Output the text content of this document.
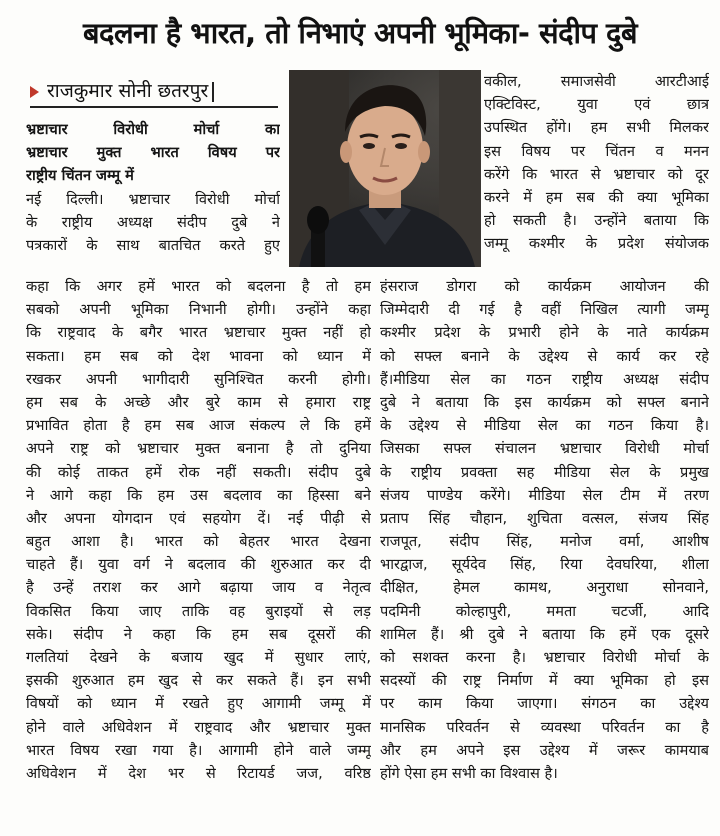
बदलना है भारत, तो निभाएं अपनी भूमिका- संदीप दुबे
राजकुमार सोनी छतरपुर
भ्रष्टाचार विरोधी मोर्चा का
भ्रष्टाचार मुक्त भारत विषय पर
राष्ट्रीय चिंतन जम्मू में
नई दिल्ली। भ्रष्टाचार विरोधी मोर्चा
के राष्ट्रीय अध्यक्ष संदीप दुबे ने
पत्रकारों के साथ बातचित करते हुए
कहा कि अगर हमें भारत को बदलना है तो हम
सबको अपनी भूमिका निभानी होगी। उन्होंने कहा
कि राष्ट्रवाद के बगैर भारत भ्रष्टाचार मुक्त नहीं हो
सकता। हम सब को देश भावना को ध्यान में
रखकर अपनी भागीदारी सुनिश्चित करनी होगी।
हम सब के अच्छे और बुरे काम से हमारा राष्ट्र
प्रभावित होता है हम सब आज संकल्प ले कि हमें
अपने राष्ट्र को भ्रष्टाचार मुक्त बनाना है तो दुनिया
की कोई ताकत हमें रोक नहीं सकती। संदीप दुबे
ने आगे कहा कि हम उस बदलाव का हिस्सा बने
और अपना योगदान एवं सहयोग दें। नई पीढ़ी से
बहुत आशा है। भारत को बेहतर भारत देखना
चाहते हैं। युवा वर्ग ने बदलाव की शुरुआत कर दी
है उन्हें तराश कर आगे बढ़ाया जाय व नेतृत्व
विकसित किया जाए ताकि वह बुराइयों से लड़
सके। संदीप ने कहा कि हम सब दूसरों की
गलतियां देखने के बजाय खुद में सुधार लाएं,
इसकी शुरुआत हम खुद से कर सकते हैं। इन सभी
विषयों को ध्यान में रखते हुए आगामी जम्मू में
होने वाले अधिवेशन में राष्ट्रवाद और भ्रष्टाचार मुक्त
भारत विषय रखा गया है। आगामी होने वाले जम्मू
अधिवेशन में देश भर से रिटायर्ड जज, वरिष्ठ
वकील, समाजसेवी आरटीआई
एक्टिविस्ट, युवा एवं छात्र
उपस्थित होंगे। हम सभी मिलकर
इस विषय पर चिंतन व मनन
करेंगे कि भारत से भ्रष्टाचार को दूर
करने में हम सब की क्या भूमिका
हो सकती है। उन्होंने बताया कि
जम्मू कश्मीर के प्रदेश संयोजक
हंसराज डोगरा को कार्यक्रम आयोजन की
जिम्मेदारी दी गई है वहीं निखिल त्यागी जम्मू
कश्मीर प्रदेश के प्रभारी होने के नाते कार्यक्रम
को सफ्ल बनाने के उद्देश्य से कार्य कर रहे
हैं।मीडिया सेल का गठन राष्ट्रीय अध्यक्ष संदीप
दुबे ने बताया कि इस कार्यक्रम को सफ्ल बनाने
के उद्देश्य से मीडिया सेल का गठन किया है।
जिसका सफ्ल संचालन भ्रष्टाचार विरोधी मोर्चा
के राष्ट्रीय प्रवक्ता सह मीडिया सेल के प्रमुख
संजय पाण्डेय करेंगे। मीडिया सेल टीम में तरण
प्रताप सिंह चौहान, शुचिता वत्सल, संजय सिंह
राजपूत, संदीप सिंह, मनोज वर्मा, आशीष
भारद्वाज, सूर्यदेव सिंह, रिया देवघरिया, शीला
दीक्षित, हेमल कामथ, अनुराधा सोनवाने,
पदमिनी कोल्हापुरी, ममता चटर्जी, आदि
शामिल हैं। श्री दुबे ने बताया कि हमें एक दूसरे
को सशक्त करना है। भ्रष्टाचार विरोधी मोर्चा के
सदस्यों की राष्ट्र निर्माण में क्या भूमिका हो इस
पर काम किया जाएगा। संगठन का उद्देश्य
मानसिक परिवर्तन से व्यवस्था परिवर्तन का है
और हम अपने इस उद्देश्य में जरूर कामयाब
होंगे ऐसा हम सभी का विश्वास है।
